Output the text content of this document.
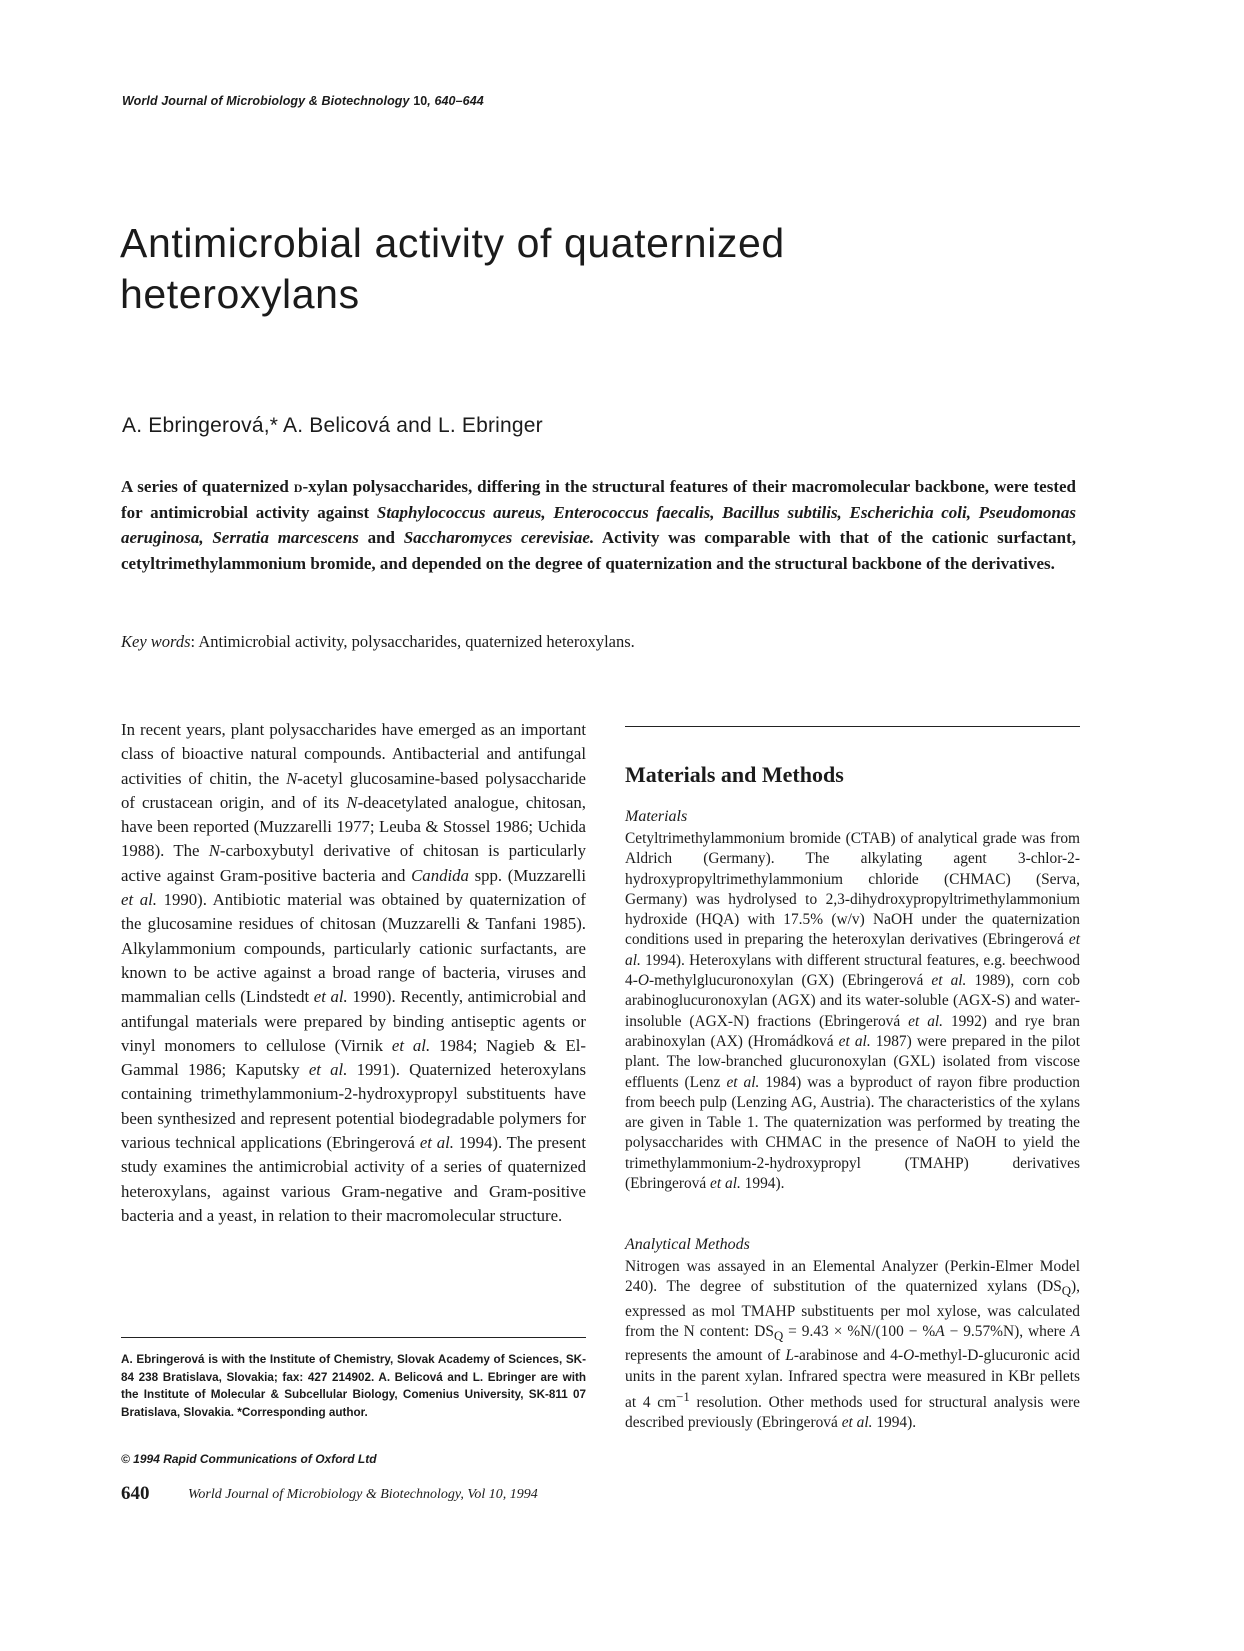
World Journal of Microbiology & Biotechnology 10, 640–644
Antimicrobial activity of quaternized
heteroxylans
A. Ebringerová,* A. Belicová and L. Ebringer

A series of quaternized d-xylan polysaccharides, differing in the structural features of their macromolecular backbone, were tested for antimicrobial activity against Staphylococcus aureus, Enterococcus faecalis, Bacillus subtilis, Escherichia coli, Pseudomonas aeruginosa, Serratia marcescens and Saccharomyces cerevisiae. Activity was comparable with that of the cationic surfactant, cetyltrimethylammonium bromide, and depended on the degree of quaternization and the structural backbone of the derivatives.

Key words: Antimicrobial activity, polysaccharides, quaternized heteroxylans.

In recent years, plant polysaccharides have emerged as an important class of bioactive natural compounds. Antibacterial and antifungal activities of chitin, the N-acetyl glucosamine-based polysaccharide of crustacean origin, and of its N-deacetylated analogue, chitosan, have been reported (Muzzarelli 1977; Leuba & Stossel 1986; Uchida 1988). The N-carboxybutyl derivative of chitosan is particularly active against Gram-positive bacteria and Candida spp. (Muzzarelli et al. 1990). Antibiotic material was obtained by quaternization of the glucosamine residues of chitosan (Muzzarelli & Tanfani 1985). Alkylammonium compounds, particularly cationic surfactants, are known to be active against a broad range of bacteria, viruses and mammalian cells (Lindstedt et al. 1990). Recently, antimicrobial and antifungal materials were prepared by binding antiseptic agents or vinyl monomers to cellulose (Virnik et al. 1984; Nagieb & El-Gammal 1986; Kaputsky et al. 1991). Quaternized heteroxylans containing trimethylammonium-2-hydroxypropyl substituents have been synthesized and represent potential biodegradable polymers for various technical applications (Ebringerová et al. 1994). The present study examines the antimicrobial activity of a series of quaternized heteroxylans, against various Gram-negative and Gram-positive bacteria and a yeast, in relation to their macromolecular structure.

A. Ebringerová is with the Institute of Chemistry, Slovak Academy of Sciences, SK-84 238 Bratislava, Slovakia; fax: 427 214902. A. Belicová and L. Ebringer are with the Institute of Molecular & Subcellular Biology, Comenius University, SK-811 07 Bratislava, Slovakia. *Corresponding author.

© 1994 Rapid Communications of Oxford Ltd
640	World Journal of Microbiology & Biotechnology, Vol 10, 1994
Materials and Methods
Materials

Cetyltrimethylammonium bromide (CTAB) of analytical grade was from Aldrich (Germany). The alkylating agent 3-chlor-2-hydroxypropyltrimethylammonium chloride (CHMAC) (Serva, Germany) was hydrolysed to 2,3-dihydroxypropyltrimethylammonium hydroxide (HQA) with 17.5% (w/v) NaOH under the quaternization conditions used in preparing the heteroxylan derivatives (Ebringerová et al. 1994). Heteroxylans with different structural features, e.g. beechwood 4-O-methylglucuronoxylan (GX) (Ebringerová et al. 1989), corn cob arabinoglucuronoxylan (AGX) and its water-soluble (AGX-S) and water-insoluble (AGX-N) fractions (Ebringerová et al. 1992) and rye bran arabinoxylan (AX) (Hromádková et al. 1987) were prepared in the pilot plant. The low-branched glucuronoxylan (GXL) isolated from viscose effluents (Lenz et al. 1984) was a byproduct of rayon fibre production from beech pulp (Lenzing AG, Austria). The characteristics of the xylans are given in Table 1. The quaternization was performed by treating the polysaccharides with CHMAC in the presence of NaOH to yield the trimethylammonium-2-hydroxypropyl (TMAHP) derivatives (Ebringerová et al. 1994).

Analytical Methods

Nitrogen was assayed in an Elemental Analyzer (Perkin-Elmer Model 240). The degree of substitution of the quaternized xylans $(DS_Q)$, expressed as mol TMAHP substituents per mol xylose, was calculated from the N content: $DS_Q = 9.43 \times \%N/(100 - \%A - 9.57\%N)$, where A represents the amount of L-arabinose and 4-O-methyl-D-glucuronic acid units in the parent xylan. Infrared spectra were measured in KBr pellets at 4 $cm^{-1}$ resolution. Other methods used for structural analysis were described previously (Ebringerová et al. 1994).
